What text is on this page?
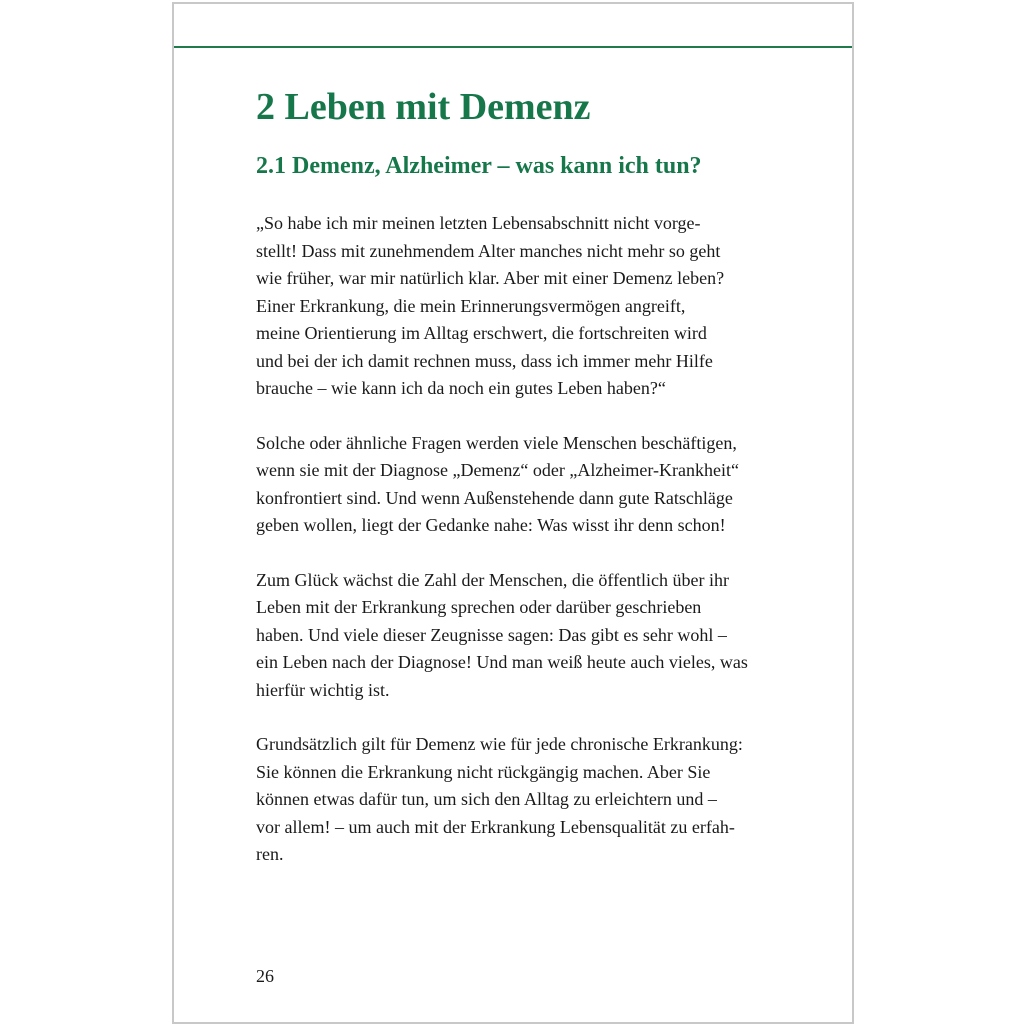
2 Leben mit Demenz
2.1 Demenz, Alzheimer – was kann ich tun?

„So habe ich mir meinen letzten Lebensabschnitt nicht vorge-
stellt! Dass mit zunehmendem Alter manches nicht mehr so geht
wie früher, war mir natürlich klar. Aber mit einer Demenz leben?
Einer Erkrankung, die mein Erinnerungsvermögen angreift,
meine Orientierung im Alltag erschwert, die fortschreiten wird
und bei der ich damit rechnen muss, dass ich immer mehr Hilfe
brauche – wie kann ich da noch ein gutes Leben haben?“

Solche oder ähnliche Fragen werden viele Menschen beschäftigen,
wenn sie mit der Diagnose „Demenz“ oder „Alzheimer-Krankheit“
konfrontiert sind. Und wenn Außenstehende dann gute Ratschläge
geben wollen, liegt der Gedanke nahe: Was wisst ihr denn schon!

Zum Glück wächst die Zahl der Menschen, die öffentlich über ihr
Leben mit der Erkrankung sprechen oder darüber geschrieben
haben. Und viele dieser Zeugnisse sagen: Das gibt es sehr wohl –
ein Leben nach der Diagnose! Und man weiß heute auch vieles, was
hierfür wichtig ist.

Grundsätzlich gilt für Demenz wie für jede chronische Erkrankung:
Sie können die Erkrankung nicht rückgängig machen. Aber Sie
können etwas dafür tun, um sich den Alltag zu erleichtern und –
vor allem! – um auch mit der Erkrankung Lebensqualität zu erfah-
ren.

26
